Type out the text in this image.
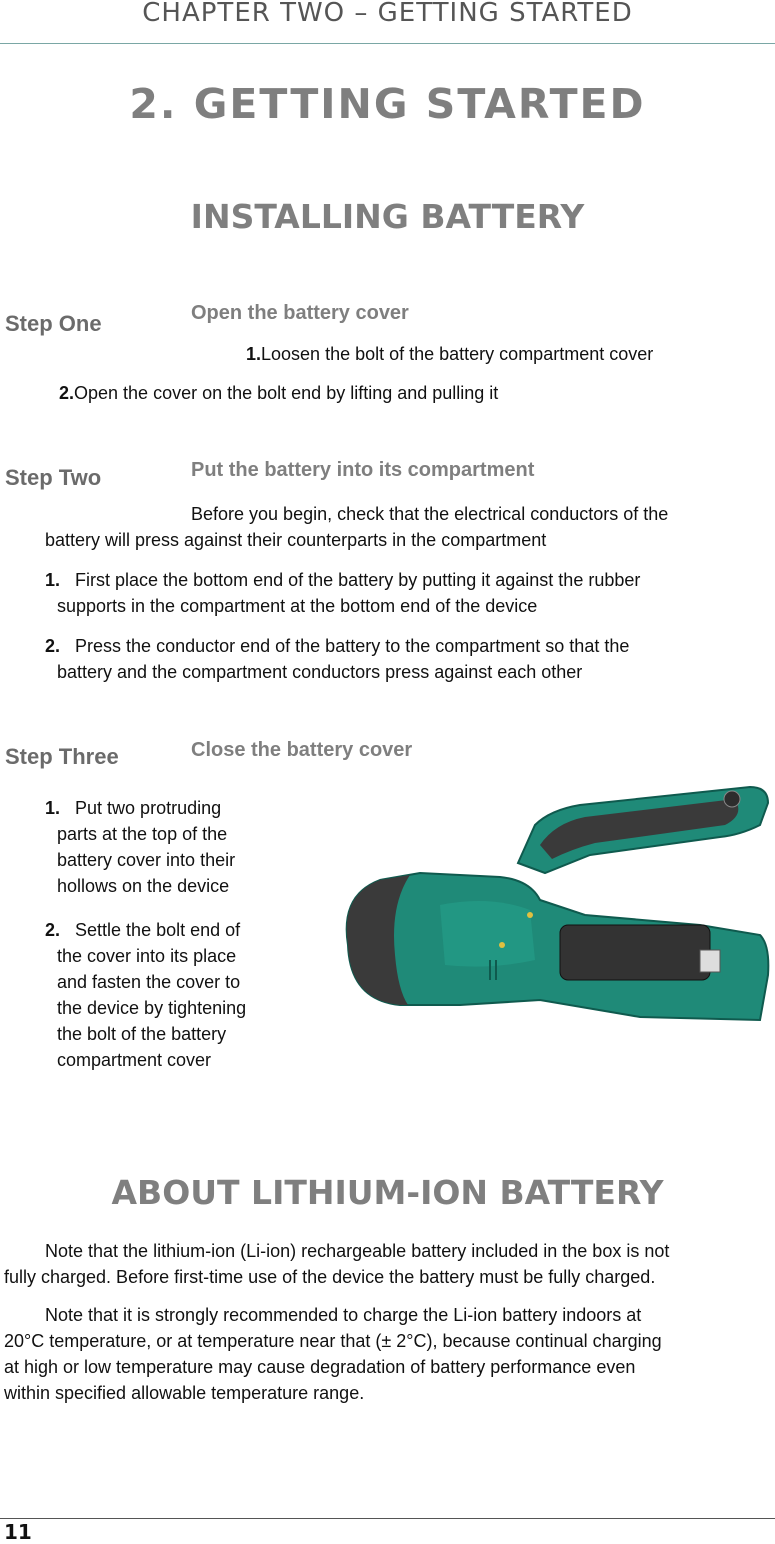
CHAPTER TWO – GETTING STARTED
2. GETTING STARTED
INSTALLING BATTERY
Step One	Open the battery cover
1.Loosen the bolt of the battery compartment cover
2.Open the cover on the bolt end by lifting and pulling it
Step Two	Put the battery into its compartment
Before you begin, check that the electrical conductors of the
battery will press against their counterparts in the compartment
1. First place the bottom end of the battery by putting it against the rubber
supports in the compartment at the bottom end of the device
2. Press the conductor end of the battery to the compartment so that the
battery and the compartment conductors press against each other
Step Three	Close the battery cover
1. Put two protruding
parts at the top of the
battery cover into their
hollows on the device
2. Settle the bolt end of
the cover into its place
and fasten the cover to
the device by tightening
the bolt of the battery
compartment cover
ABOUT LITHIUM-ION BATTERY
Note that the lithium-ion (Li-ion) rechargeable battery included in the box is not
fully charged. Before first-time use of the device the battery must be fully charged.
Note that it is strongly recommended to charge the Li-ion battery indoors at
20°C temperature, or at temperature near that (± 2°C), because continual charging
at high or low temperature may cause degradation of battery performance even
within specified allowable temperature range.
11
